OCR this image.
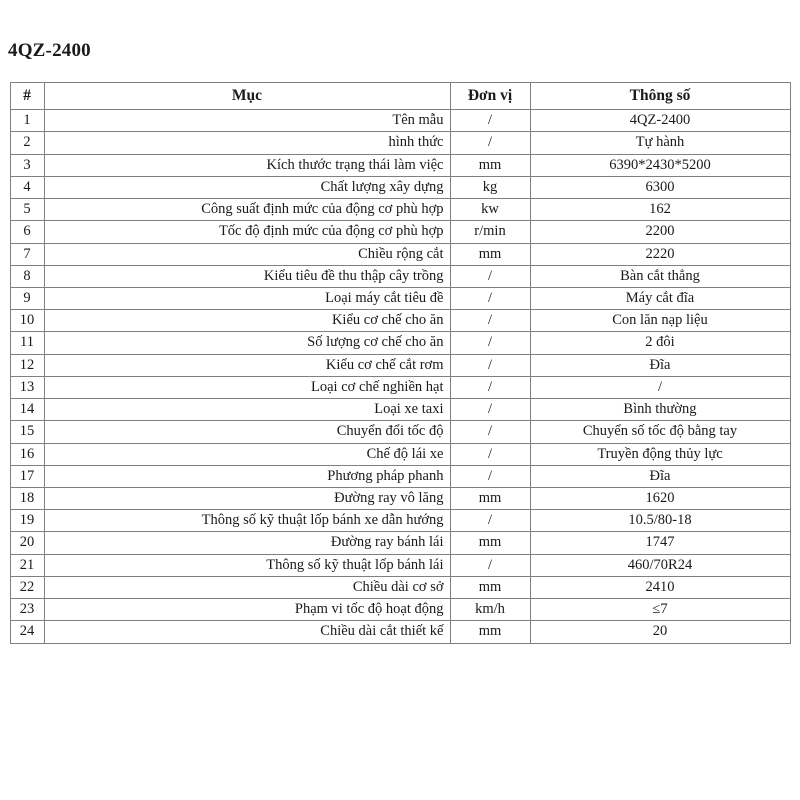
4QZ-2400
#	Mục	Đơn vị	Thông số
1	Tên mẫu	/	4QZ-2400
2	hình thức	/	Tự hành
3	Kích thước trạng thái làm việc	mm	6390*2430*5200
4	Chất lượng xây dựng	kg	6300
5	Công suất định mức của động cơ phù hợp	kw	162
6	Tốc độ định mức của động cơ phù hợp	r/min	2200
7	Chiều rộng cắt	mm	2220
8	Kiểu tiêu đề thu thập cây trồng	/	Bàn cắt thẳng
9	Loại máy cắt tiêu đề	/	Máy cắt đĩa
10	Kiểu cơ chế cho ăn	/	Con lăn nạp liệu
11	Số lượng cơ chế cho ăn	/	2 đôi
12	Kiểu cơ chế cắt rơm	/	Đĩa
13	Loại cơ chế nghiền hạt	/	/
14	Loại xe taxi	/	Bình thường
15	Chuyển đổi tốc độ	/	Chuyển số tốc độ bằng tay
16	Chế độ lái xe	/	Truyền động thủy lực
17	Phương pháp phanh	/	Đĩa
18	Đường ray vô lăng	mm	1620
19	Thông số kỹ thuật lốp bánh xe dẫn hướng	/	10.5/80-18
20	Đường ray bánh lái	mm	1747
21	Thông số kỹ thuật lốp bánh lái	/	460/70R24
22	Chiều dài cơ sở	mm	2410
23	Phạm vi tốc độ hoạt động	km/h	≤7
24	Chiều dài cắt thiết kế	mm	20
